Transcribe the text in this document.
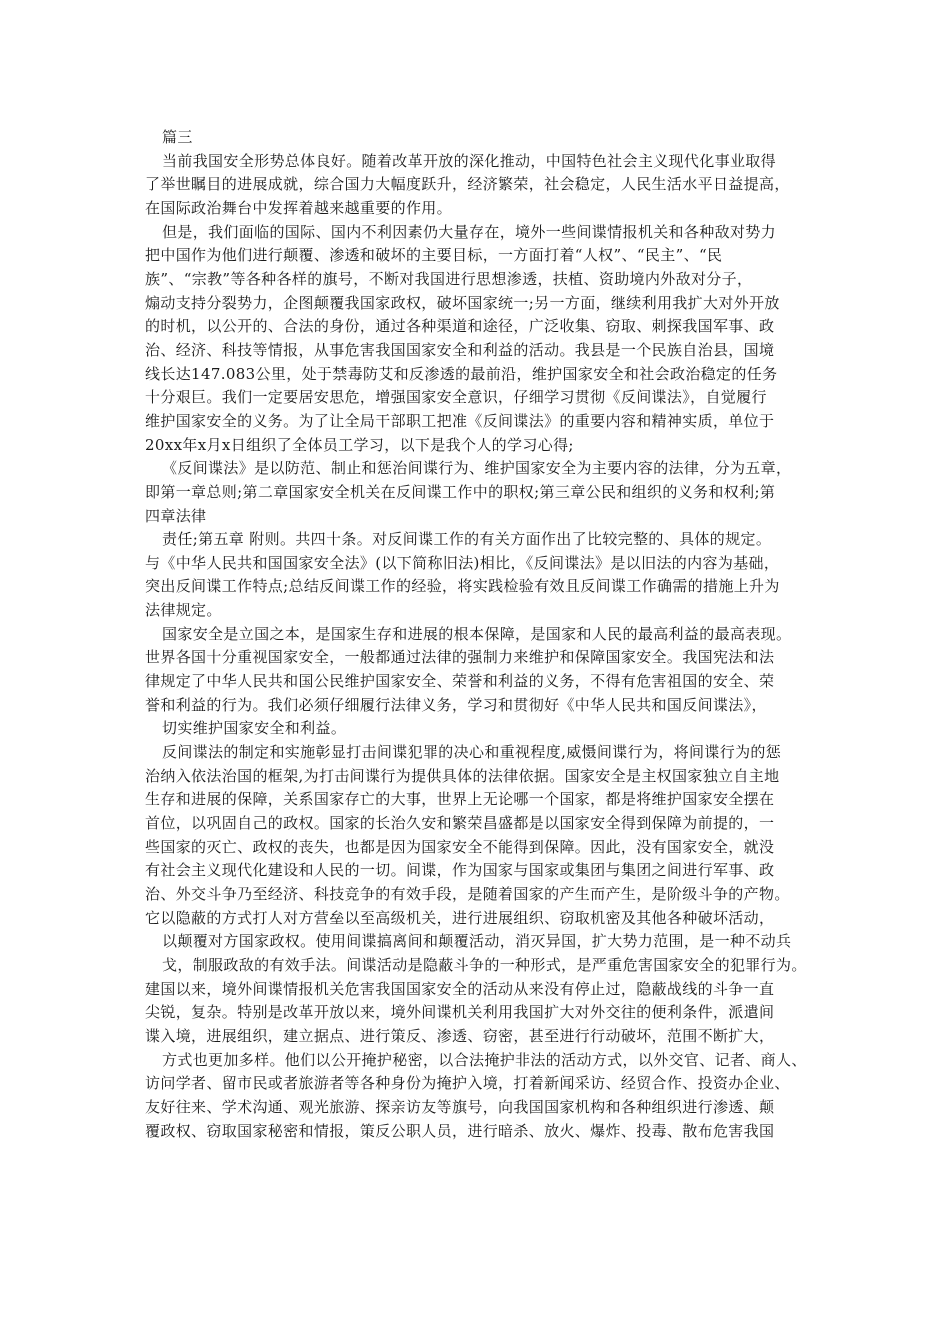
篇三
当前我国安全形势总体良好。随着改革开放的深化推动，中国特色社会主义现代化事业取得
了举世瞩目的进展成就，综合国力大幅度跃升，经济繁荣，社会稳定，人民生活水平日益提高，
在国际政治舞台中发挥着越来越重要的作用。
但是，我们面临的国际、国内不利因素仍大量存在，境外一些间谍情报机关和各种敌对势力
把中国作为他们进行颠覆、渗透和破坏的主要目标，一方面打着“人权”、“民主”、“民
族”、“宗教”等各种各样的旗号，不断对我国进行思想渗透，扶植、资助境内外敌对分子，
煽动支持分裂势力，企图颠覆我国家政权，破坏国家统一;另一方面，继续利用我扩大对外开放
的时机，以公开的、合法的身份，通过各种渠道和途径，广泛收集、窃取、刺探我国军事、政
治、经济、科技等情报，从事危害我国国家安全和利益的活动。我县是一个民族自治县，国境
线长达147.083公里，处于禁毒防艾和反渗透的最前沿，维护国家安全和社会政治稳定的任务
十分艰巨。我们一定要居安思危，增强国家安全意识，仔细学习贯彻《反间谍法》，自觉履行
维护国家安全的义务。为了让全局干部职工把准《反间谍法》的重要内容和精神实质，单位于
20xx年x月x日组织了全体员工学习，以下是我个人的学习心得;
《反间谍法》是以防范、制止和惩治间谍行为、维护国家安全为主要内容的法律，分为五章，
即第一章总则;第二章国家安全机关在反间谍工作中的职权;第三章公民和组织的义务和权利;第
四章法律
责任;第五章 附则。共四十条。对反间谍工作的有关方面作出了比较完整的、具体的规定。
与《中华人民共和国国家安全法》(以下简称旧法)相比，《反间谍法》是以旧法的内容为基础，
突出反间谍工作特点;总结反间谍工作的经验，将实践检验有效且反间谍工作确需的措施上升为
法律规定。
国家安全是立国之本，是国家生存和进展的根本保障，是国家和人民的最高利益的最高表现。
世界各国十分重视国家安全，一般都通过法律的强制力来维护和保障国家安全。我国宪法和法
律规定了中华人民共和国公民维护国家安全、荣誉和利益的义务，不得有危害祖国的安全、荣
誉和利益的行为。我们必须仔细履行法律义务，学习和贯彻好《中华人民共和国反间谍法》，
切实维护国家安全和利益。
反间谍法的制定和实施彰显打击间谍犯罪的决心和重视程度,威慑间谍行为，将间谍行为的惩
治纳入依法治国的框架,为打击间谍行为提供具体的法律依据。国家安全是主权国家独立自主地
生存和进展的保障，关系国家存亡的大事，世界上无论哪一个国家，都是将维护国家安全摆在
首位，以巩固自己的政权。国家的长治久安和繁荣昌盛都是以国家安全得到保障为前提的，一
些国家的灭亡、政权的丧失，也都是因为国家安全不能得到保障。因此，没有国家安全，就没
有社会主义现代化建设和人民的一切。间谍，作为国家与国家或集团与集团之间进行军事、政
治、外交斗争乃至经济、科技竞争的有效手段，是随着国家的产生而产生，是阶级斗争的产物。
它以隐蔽的方式打人对方营垒以至高级机关，进行进展组织、窃取机密及其他各种破坏活动，
以颠覆对方国家政权。使用间谍搞离间和颠覆活动，消灭异国，扩大势力范围，是一种不动兵
戈，制服政敌的有效手法。间谍活动是隐蔽斗争的一种形式，是严重危害国家安全的犯罪行为。
建国以来，境外间谍情报机关危害我国国家安全的活动从来没有停止过，隐蔽战线的斗争一直
尖锐，复杂。特别是改革开放以来，境外间谍机关利用我国扩大对外交往的便利条件，派遣间
谍入境，进展组织，建立据点、进行策反、渗透、窃密，甚至进行行动破坏，范围不断扩大，
方式也更加多样。他们以公开掩护秘密，以合法掩护非法的活动方式，以外交官、记者、商人、
访问学者、留市民或者旅游者等各种身份为掩护入境，打着新闻采访、经贸合作、投资办企业、
友好往来、学术沟通、观光旅游、探亲访友等旗号，向我国国家机构和各种组织进行渗透、颠
覆政权、窃取国家秘密和情报，策反公职人员，进行暗杀、放火、爆炸、投毒、散布危害我国
